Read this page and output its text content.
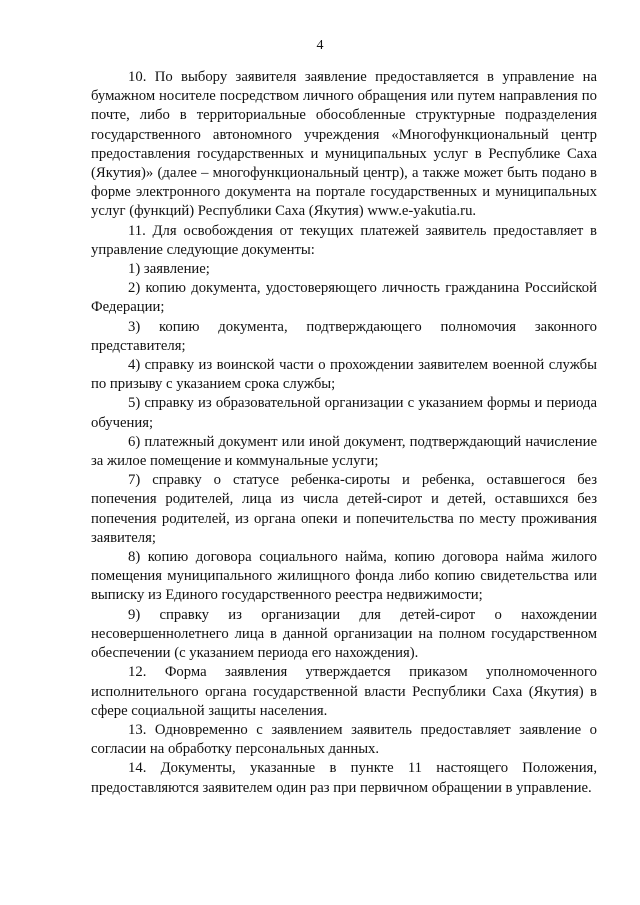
4

10. По выбору заявителя заявление предоставляется в управление на бумажном носителе посредством личного обращения или путем направления по почте, либо в территориальные обособленные структурные подразделения государственного автономного учреждения «Многофункциональный центр предоставления государственных и муниципальных услуг в Республике Саха (Якутия)» (далее – многофункциональный центр), а также может быть подано в форме электронного документа на портале государственных и муниципальных услуг (функций) Республики Саха (Якутия) www.e-yakutia.ru.

11. Для освобождения от текущих платежей заявитель предоставляет в управление следующие документы:

1) заявление;

2) копию документа, удостоверяющего личность гражданина Российской Федерации;

3) копию документа, подтверждающего полномочия законного представителя;

4) справку из воинской части о прохождении заявителем военной службы по призыву с указанием срока службы;

5) справку из образовательной организации с указанием формы и периода обучения;

6) платежный документ или иной документ, подтверждающий начисление за жилое помещение и коммунальные услуги;

7) справку о статусе ребенка-сироты и ребенка, оставшегося без попечения родителей, лица из числа детей-сирот и детей, оставшихся без попечения родителей, из органа опеки и попечительства по месту проживания заявителя;

8) копию договора социального найма, копию договора найма жилого помещения муниципального жилищного фонда либо копию свидетельства или выписку из Единого государственного реестра недвижимости;

9) справку из организации для детей-сирот о нахождении несовершеннолетнего лица в данной организации на полном государственном обеспечении (с указанием периода его нахождения).

12. Форма заявления утверждается приказом уполномоченного исполнительного органа государственной власти Республики Саха (Якутия) в сфере социальной защиты населения.

13. Одновременно с заявлением заявитель предоставляет заявление о согласии на обработку персональных данных.

14. Документы, указанные в пункте 11 настоящего Положения, предоставляются заявителем один раз при первичном обращении в управление.
